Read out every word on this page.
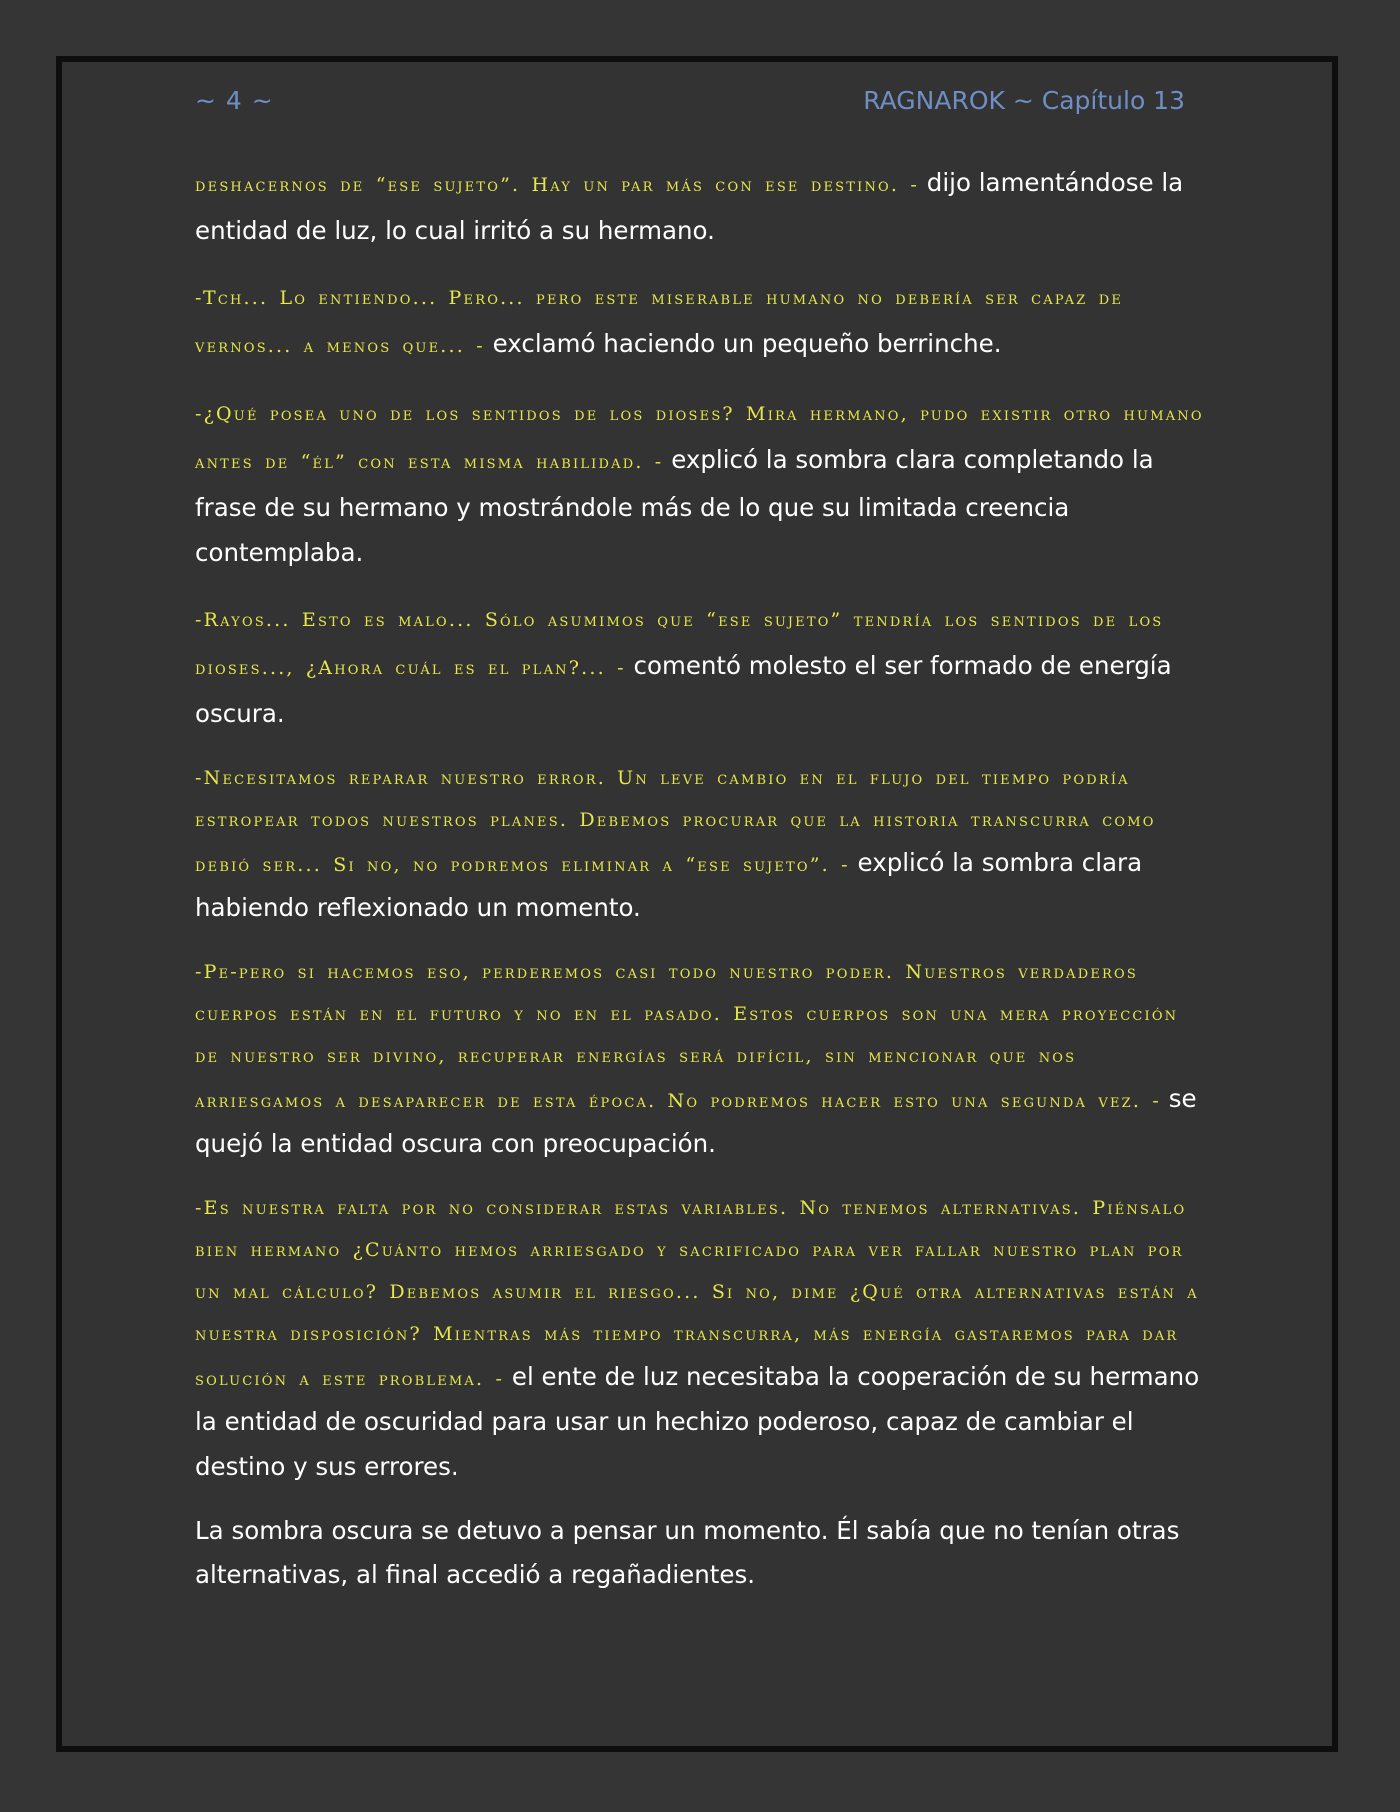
~ 4 ~	RAGNAROK ~ Capítulo 13

deshacernos de “ese sujeto”. Hay un par más con ese destino. - dijo lamentándose la entidad de luz, lo cual irritó a su hermano.

-Tch... Lo entiendo... Pero... pero este miserable humano no debería ser capaz de vernos... a menos que... - exclamó haciendo un pequeño berrinche.

-¿Qué posea uno de los sentidos de los dioses? Mira hermano, pudo existir otro humano antes de “él” con esta misma habilidad. - explicó la sombra clara completando la frase de su hermano y mostrándole más de lo que su limitada creencia contemplaba.

-Rayos... Esto es malo... Sólo asumimos que “ese sujeto” tendría los sentidos de los dioses..., ¿Ahora cuál es el plan?... - comentó molesto el ser formado de energía oscura.

-Necesitamos reparar nuestro error. Un leve cambio en el flujo del tiempo podría estropear todos nuestros planes. Debemos procurar que la historia transcurra como debió ser... Si no, no podremos eliminar a “ese sujeto”. - explicó la sombra clara habiendo reflexionado un momento.

-Pe-pero si hacemos eso, perderemos casi todo nuestro poder. Nuestros verdaderos cuerpos están en el futuro y no en el pasado. Estos cuerpos son una mera proyección de nuestro ser divino, recuperar energías será difícil, sin mencionar que nos arriesgamos a desaparecer de esta época. No podremos hacer esto una segunda vez. - se quejó la entidad oscura con preocupación.

-Es nuestra falta por no considerar estas variables. No tenemos alternativas. Piénsalo bien hermano ¿Cuánto hemos arriesgado y sacrificado para ver fallar nuestro plan por un mal cálculo? Debemos asumir el riesgo... Si no, dime ¿Qué otra alternativas están a nuestra disposición? Mientras más tiempo transcurra, más energía gastaremos para dar solución a este problema. - el ente de luz necesitaba la cooperación de su hermano la entidad de oscuridad para usar un hechizo poderoso, capaz de cambiar el destino y sus errores.

La sombra oscura se detuvo a pensar un momento. Él sabía que no tenían otras alternativas, al final accedió a regañadientes.
